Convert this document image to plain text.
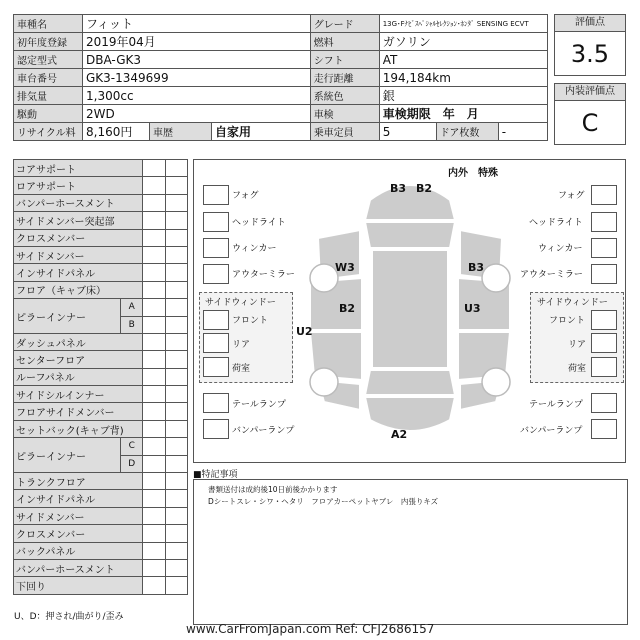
車種名	フィット			グレード	13G･Fﾅﾋﾞｽﾍﾟｼｬﾙｾﾚｸｼｮﾝ･ﾎﾝﾀﾞ SENSING ECVT		
初年度登録	2019年04月			燃料	ガソリン		
認定型式	DBA-GK3			シフト	AT		
車台番号	GK3-1349699			走行距離	194,184km		
排気量	1,300cc			系統色	銀		
駆動	2WD			車検	車検期限　年　月		
リサイクル料	8,160円	車歴	自家用	乗車定員	5	ドア枚数	-
評価点
3.5
内装評価点
C
コアサポート			
ロアサポート			
バンパーホースメント			
サイドメンバー突起部			
クロスメンバー			
サイドメンバー			
インサイドパネル			
フロア（キャブ床）			
ピラーインナー	A		
	B		
ダッシュパネル			
センターフロア			
ルーフパネル			
サイドシルインナー			
フロアサイドメンバー			
セットバック(キャブ背)			
ピラーインナー	C		
	D		
トランクフロア			
インサイドパネル			
サイドメンバー			
クロスメンバー			
バックパネル			
バンパーホースメント			
下回り			
U、D：押され/曲がり/歪み
内外　特殊
フォグ
ヘッドライト
ウィンカー
アウターミラー
フォグ
ヘッドライト
ウィンカー
アウターミラー
サイドウィンドー
フロント
リア
荷室
サイドウィンドー
フロント
リア
荷室
テールランプ
バンパーランプ
テールランプ
バンパーランプ
B3 B2
W3	B3
B2
U2
U3
A2
■特記事項
書類送付は成約後10日前後かかります
Dシートスレ・シワ・ヘタリ　フロアカーペットヤブレ　内張りキズ
www.CarFromJapan.com Ref: CFJ2686157
